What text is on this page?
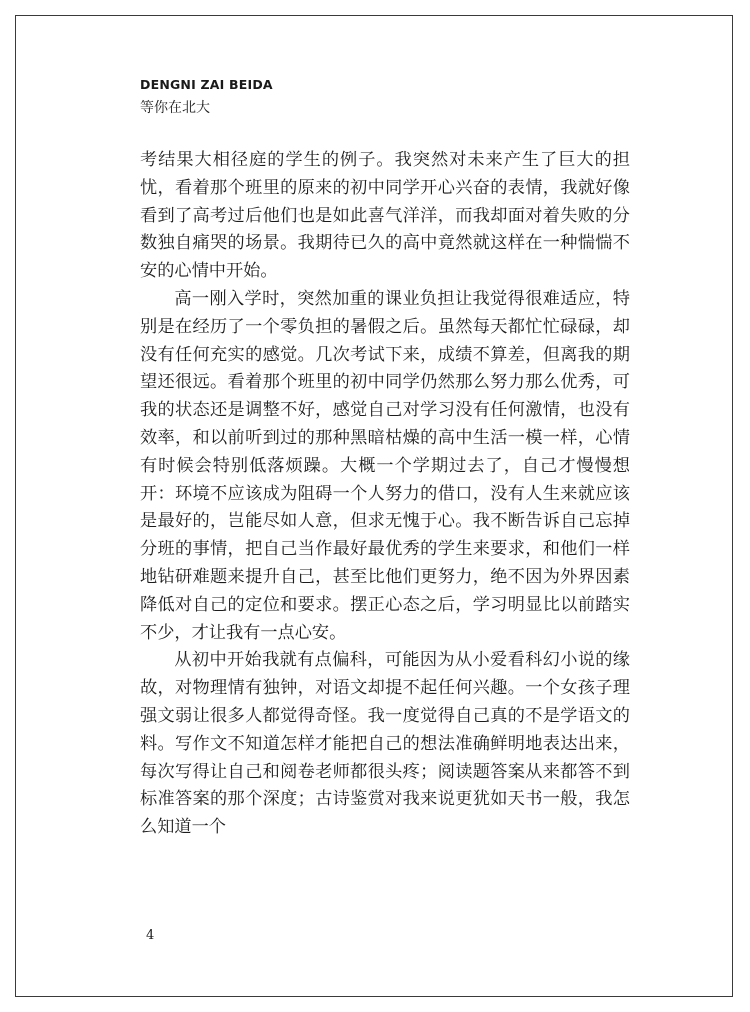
DENGNI ZAI BEIDA
等你在北大

考结果大相径庭的学生的例子。我突然对未来产生了巨大的担忧，看着那个班里的原来的初中同学开心兴奋的表情，我就好像看到了高考过后他们也是如此喜气洋洋，而我却面对着失败的分数独自痛哭的场景。我期待已久的高中竟然就这样在一种惴惴不安的心情中开始。

高一刚入学时，突然加重的课业负担让我觉得很难适应，特别是在经历了一个零负担的暑假之后。虽然每天都忙忙碌碌，却没有任何充实的感觉。几次考试下来，成绩不算差，但离我的期望还很远。看着那个班里的初中同学仍然那么努力那么优秀，可我的状态还是调整不好，感觉自己对学习没有任何激情，也没有效率，和以前听到过的那种黑暗枯燥的高中生活一模一样，心情有时候会特别低落烦躁。大概一个学期过去了，自己才慢慢想开：环境不应该成为阻碍一个人努力的借口，没有人生来就应该是最好的，岂能尽如人意，但求无愧于心。我不断告诉自己忘掉分班的事情，把自己当作最好最优秀的学生来要求，和他们一样地钻研难题来提升自己，甚至比他们更努力，绝不因为外界因素降低对自己的定位和要求。摆正心态之后，学习明显比以前踏实不少，才让我有一点心安。

从初中开始我就有点偏科，可能因为从小爱看科幻小说的缘故，对物理情有独钟，对语文却提不起任何兴趣。一个女孩子理强文弱让很多人都觉得奇怪。我一度觉得自己真的不是学语文的料。写作文不知道怎样才能把自己的想法准确鲜明地表达出来，每次写得让自己和阅卷老师都很头疼；阅读题答案从来都答不到标准答案的那个深度；古诗鉴赏对我来说更犹如天书一般，我怎么知道一个

4
